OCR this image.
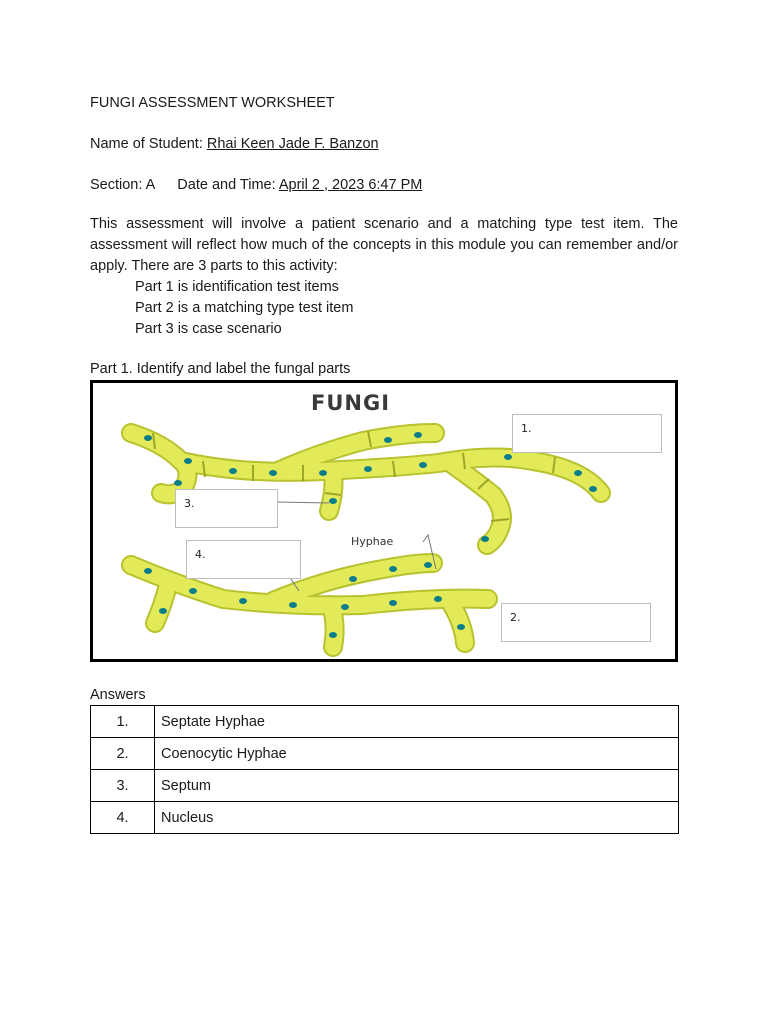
FUNGI ASSESSMENT WORKSHEET
Name of Student: Rhai Keen Jade F. Banzon
Section: A Date and Time: April 2 , 2023 6:47 PM
This assessment will involve a patient scenario and a matching type test item. The assessment will reflect how much of the concepts in this module you can remember and/or apply. There are 3 parts to this activity:
Part 1 is identification test items
Part 2 is a matching type test item
Part 3 is case scenario
Part 1. Identify and label the fungal parts
FUNGI
Hyphae
1.
2.
3.
4.
Answers
1.	Septate Hyphae
2.	Coenocytic Hyphae
3.	Septum
4.	Nucleus
